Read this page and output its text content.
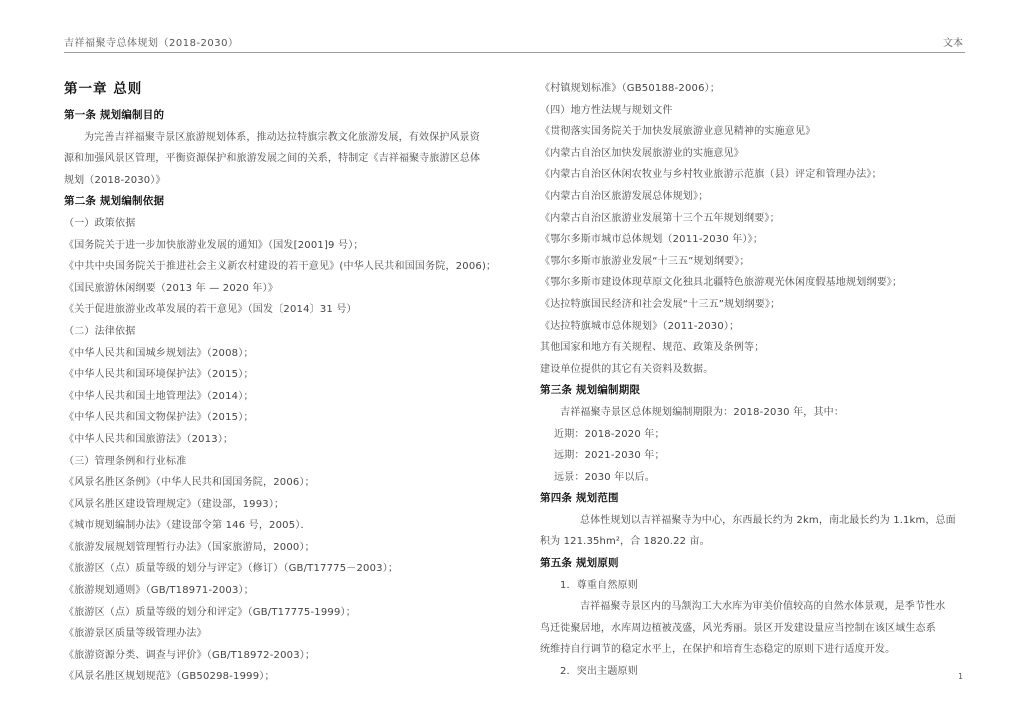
吉祥福聚寺总体规划（2018-2030）	文本
第一章 总则
第一条 规划编制目的
为完善吉祥福聚寺景区旅游规划体系，推动达拉特旗宗教文化旅游发展，有效保护风景资
源和加强风景区管理，平衡资源保护和旅游发展之间的关系，特制定《吉祥福聚寺旅游区总体
规划（2018-2030）》
第二条 规划编制依据
（一）政策依据
《国务院关于进一步加快旅游业发展的通知》（国发[2001]9 号）；
《中共中央国务院关于推进社会主义新农村建设的若干意见》(中华人民共和国国务院，2006)；
《国民旅游休闲纲要（2013 年 — 2020 年）》
《关于促进旅游业改革发展的若干意见》（国发〔2014〕31 号）
（二）法律依据
《中华人民共和国城乡规划法》（2008）；
《中华人民共和国环境保护法》（2015）；
《中华人民共和国土地管理法》（2014）；
《中华人民共和国文物保护法》（2015）；
《中华人民共和国旅游法》（2013）；
（三）管理条例和行业标准
《风景名胜区条例》（中华人民共和国国务院，2006）；
《风景名胜区建设管理规定》（建设部，1993）；
《城市规划编制办法》（建设部令第 146 号，2005）．
《旅游发展规划管理暂行办法》（国家旅游局，2000）；
《旅游区（点）质量等级的划分与评定》（修订）（GB/T17775－2003）；
《旅游规划通则》（GB/T18971-2003）；
《旅游区（点）质量等级的划分和评定》（GB/T17775-1999）；
《旅游景区质量等级管理办法》
《旅游资源分类、调查与评价》（GB/T18972-2003）；
《风景名胜区规划规范》（GB50298-1999）；
《村镇规划标准》（GB50188-2006）；
（四）地方性法规与规划文件
《贯彻落实国务院关于加快发展旅游业意见精神的实施意见》
《内蒙古自治区加快发展旅游业的实施意见》
《内蒙古自治区休闲农牧业与乡村牧业旅游示范旗（县）评定和管理办法》；
《内蒙古自治区旅游发展总体规划》；
《内蒙古自治区旅游业发展第十三个五年规划纲要》；
《鄂尔多斯市城市总体规划（2011-2030 年）》；
《鄂尔多斯市旅游业发展“十三五”规划纲要》；
《鄂尔多斯市建设体现草原文化独具北疆特色旅游观光休闲度假基地规划纲要》；
《达拉特旗国民经济和社会发展“十三五”规划纲要》；
《达拉特旗城市总体规划》（2011-2030）；
其他国家和地方有关规程、规范、政策及条例等；
建设单位提供的其它有关资料及数据。
第三条 规划编制期限
吉祥福聚寺景区总体规划编制期限为：2018-2030 年，其中：
近期：2018-2020 年；
远期：2021-2030 年；
远景：2030 年以后。
第四条 规划范围
总体性规划以吉祥福聚寺为中心，东西最长约为 2km，南北最长约为 1.1km，总面
积为 121.35hm²，合 1820.22 亩。
第五条 规划原则
1．尊重自然原则
吉祥福聚寺景区内的马颔沟工大水库为审美价值较高的自然水体景观，是季节性水
鸟迁徙聚居地，水库周边植被茂盛，风光秀丽。景区开发建设量应当控制在该区域生态系
统维持自行调节的稳定水平上，在保护和培育生态稳定的原则下进行适度开发。
2．突出主题原则	1
